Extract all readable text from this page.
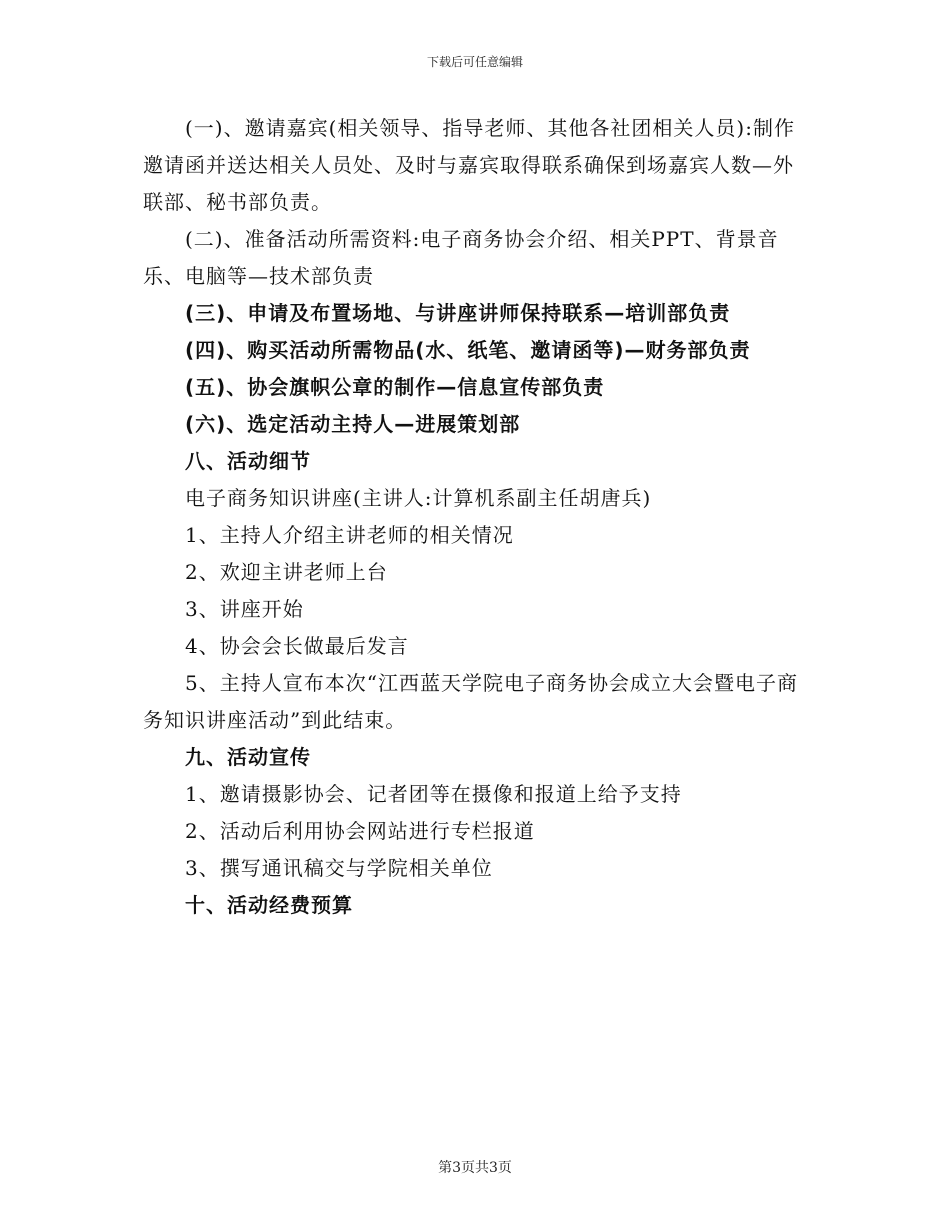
下载后可任意编辑

(一)、邀请嘉宾(相关领导、指导老师、其他各社团相关人员):制作邀请函并送达相关人员处、及时与嘉宾取得联系确保到场嘉宾人数—外联部、秘书部负责。

(二)、准备活动所需资料:电子商务协会介绍、相关PPT、背景音乐、电脑等—技术部负责

(三)、申请及布置场地、与讲座讲师保持联系—培训部负责

(四)、购买活动所需物品(水、纸笔、邀请函等)—财务部负责

(五)、协会旗帜公章的制作—信息宣传部负责

(六)、选定活动主持人—进展策划部

八、活动细节

电子商务知识讲座(主讲人:计算机系副主任胡唐兵)

1、主持人介绍主讲老师的相关情况

2、欢迎主讲老师上台

3、讲座开始

4、协会会长做最后发言

5、主持人宣布本次“江西蓝天学院电子商务协会成立大会暨电子商务知识讲座活动”到此结束。

九、活动宣传

1、邀请摄影协会、记者团等在摄像和报道上给予支持

2、活动后利用协会网站进行专栏报道

3、撰写通讯稿交与学院相关单位

十、活动经费预算

第3页共3页
